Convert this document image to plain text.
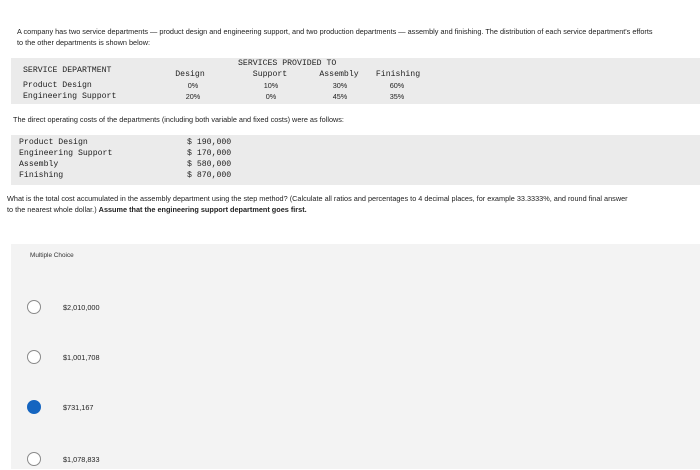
A company has two service departments — product design and engineering support, and two production departments — assembly and finishing. The distribution of each service department's efforts
to the other departments is shown below:
SERVICES PROVIDED TO
SERVICE DEPARTMENT	Design	Support	Assembly Finishing
Product Design	0%	10%	30%	60%
Engineering Support	20%	0%	45%	35%
The direct operating costs of the departments (including both variable and fixed costs) were as follows:
Product Design	$ 190,000
Engineering Support	$ 170,000
Assembly	$ 580,000
Finishing	$ 870,000
What is the total cost accumulated in the assembly department using the step method? (Calculate all ratios and percentages to 4 decimal places, for example 33.3333%, and round final answer
to the nearest whole dollar.) Assume that the engineering support department goes first.
Multiple Choice
$2,010,000
$1,001,708
$731,167
$1,078,833
